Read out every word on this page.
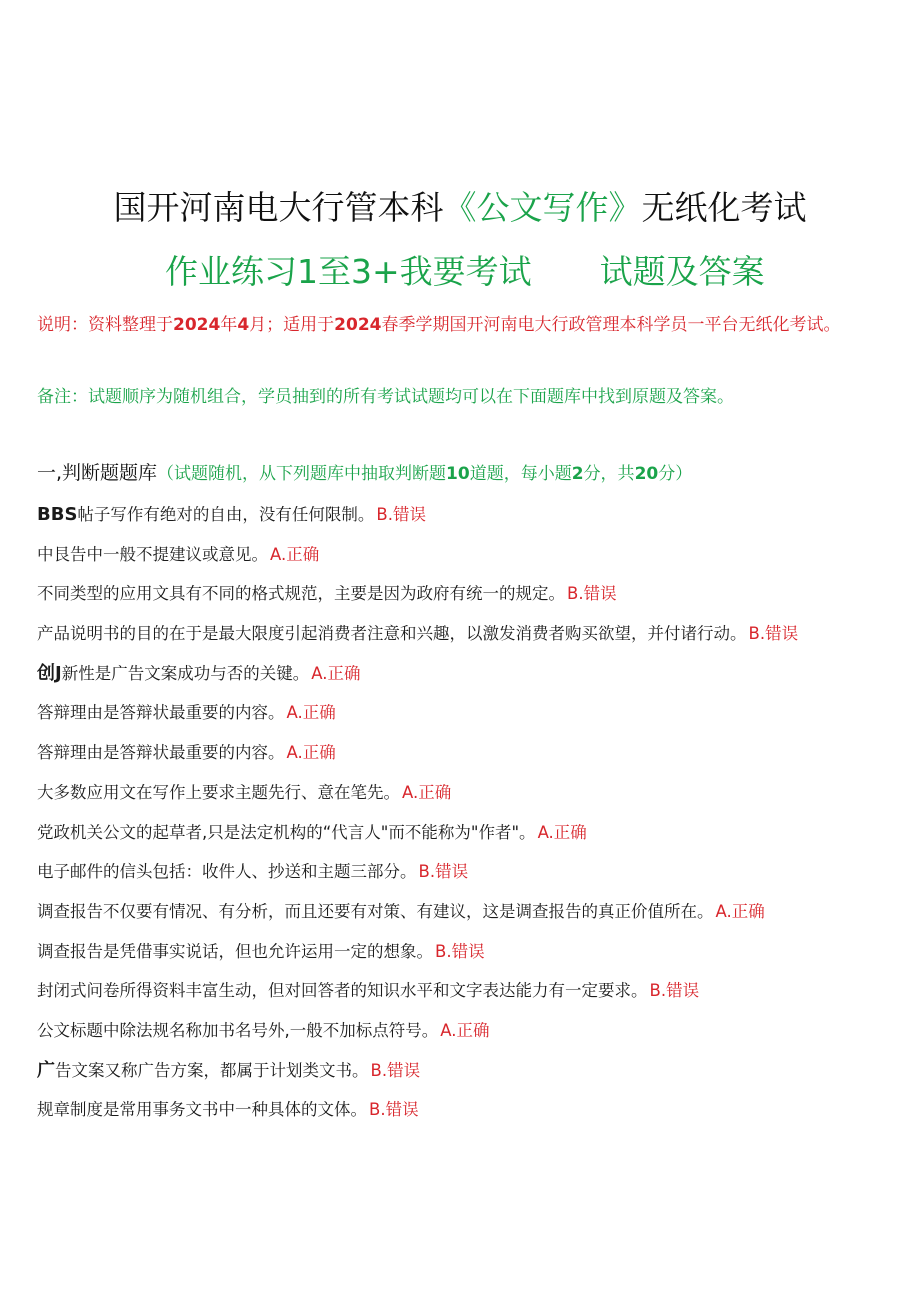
国开河南电大行管本科《公文写作》无纸化考试
作业练习1至3+我要考试 试题及答案
说明：资料整理于2024年4月；适用于2024春季学期国开河南电大行政管理本科学员一平台无纸化考试。
备注：试题顺序为随机组合，学员抽到的所有考试试题均可以在下面题库中找到原题及答案。
一,判断题题库（试题随机，从下列题库中抽取判断题10道题，每小题2分，共20分）
BBS帖子写作有绝对的自由，没有任何限制。 B.错误
中艮告中一般不提建议或意见。 A.正确
不同类型的应用文具有不同的格式规范，主要是因为政府有统一的规定。 B.错误
产品说明书的目的在于是最大限度引起消费者注意和兴趣，以激发消费者购买欲望，并付诸行动。 B.错误
创J新性是广告文案成功与否的关键。 A.正确
答辩理由是答辩状最重要的内容。 A.正确
答辩理由是答辩状最重要的内容。 A.正确
大多数应用文在写作上要求主题先行、意在笔先。 A.正确
党政机关公文的起草者,只是法定机构的“代言人"而不能称为"作者"。 A.正确
电子邮件的信头包括：收件人、抄送和主题三部分。 B.错误
调查报告不仅要有情况、有分析，而且还要有对策、有建议，这是调查报告的真正价值所在。 A.正确
调查报告是凭借事实说话，但也允许运用一定的想象。 B.错误
封闭式问卷所得资料丰富生动，但对回答者的知识水平和文字表达能力有一定要求。 B.错误
公文标题中除法规名称加书名号外,一般不加标点符号。 A.正确
广告文案又称广告方案，都属于计划类文书。 B.错误
规章制度是常用事务文书中一种具体的文体。 B.错误
